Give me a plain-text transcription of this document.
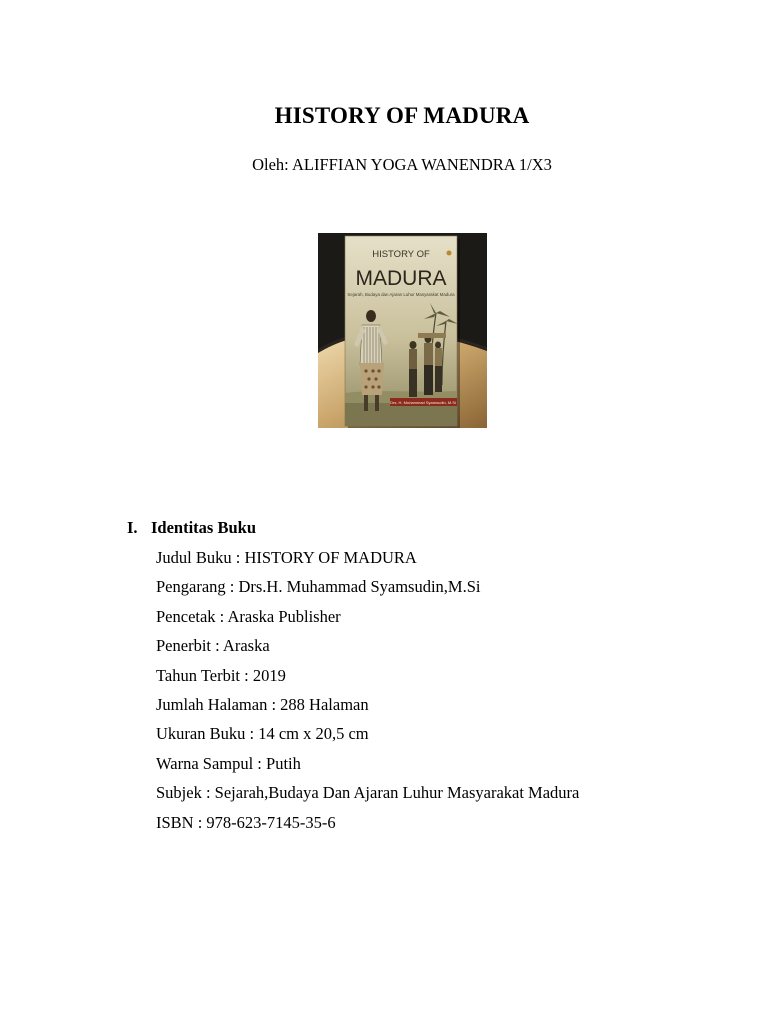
HISTORY OF MADURA
Oleh: ALIFFIAN YOGA WANENDRA 1/X3
HISTORY OF
MADURA
Sejarah, Budaya dan Ajaran Luhur Masyarakat Madura
Drs. H. Muhammad Syamsudin, M.Si
I. Identitas Buku
Judul Buku : HISTORY OF MADURA
Pengarang : Drs.H. Muhammad Syamsudin,M.Si
Pencetak : Araska Publisher
Penerbit : Araska
Tahun Terbit : 2019
Jumlah Halaman : 288 Halaman
Ukuran Buku : 14 cm x 20,5 cm
Warna Sampul : Putih
Subjek : Sejarah,Budaya Dan Ajaran Luhur Masyarakat Madura
ISBN : 978-623-7145-35-6
